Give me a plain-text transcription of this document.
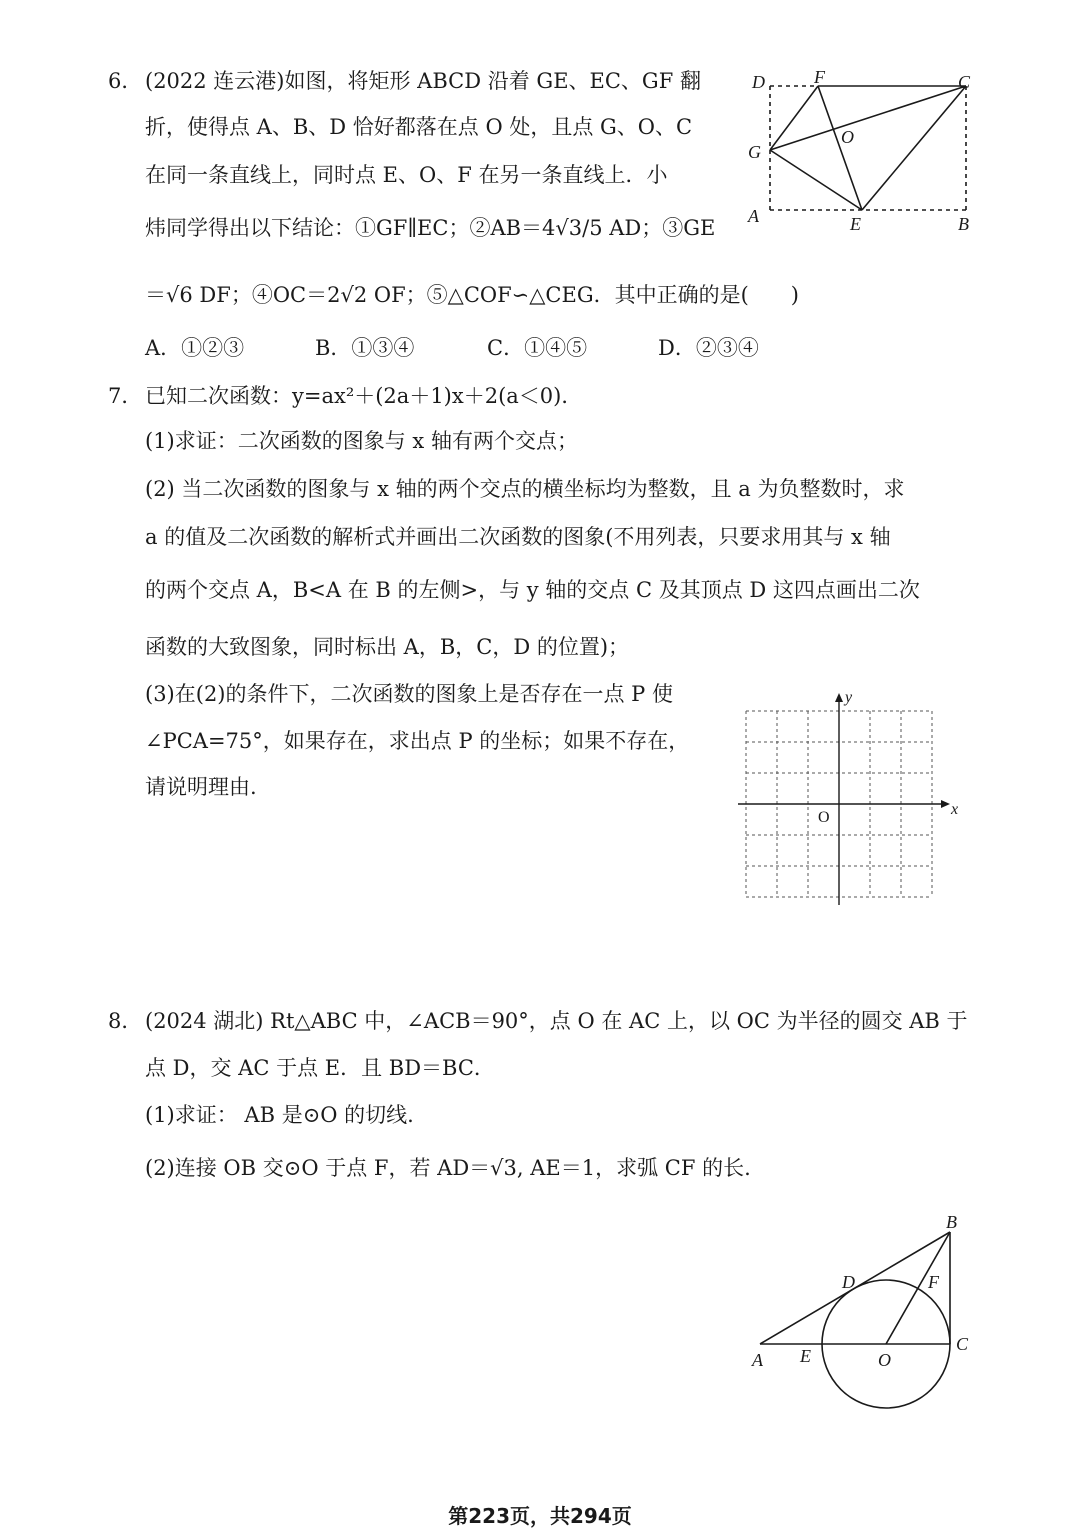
6． (2022 连云港)如图，将矩形 ABCD 沿着 GE、EC、GF 翻
折，使得点 A、B、D 恰好都落在点 O 处，且点 G、O、C
在同一条直线上，同时点 E、O、F 在另一条直线上．小
炜同学得出以下结论：①GF∥EC；②AB＝4√3/5 AD；③GE
＝√6 DF；④OC＝2√2 OF；⑤△COF∽△CEG．其中正确的是(　　)
A．①②③	B．①③④	C．①④⑤	D．②③④
D	F	C
G
O
A	E	B
7． 已知二次函数：y=ax²＋(2a＋1)x＋2(a＜0)．
(1)求证：二次函数的图象与 x 轴有两个交点；
(2) 当二次函数的图象与 x 轴的两个交点的横坐标均为整数，且 a 为负整数时，求
a 的值及二次函数的解析式并画出二次函数的图象(不用列表，只要求用其与 x 轴
的两个交点 A，B<A 在 B 的左侧>，与 y 轴的交点 C 及其顶点 D 这四点画出二次
函数的大致图象，同时标出 A，B，C，D 的位置)；
(3)在(2)的条件下，二次函数的图象上是否存在一点 P 使
∠PCA=75°，如果存在，求出点 P 的坐标；如果不存在，
请说明理由.
x
y
O
8． (2024 湖北) Rt△ABC 中，∠ACB＝90°，点 O 在 AC 上，以 OC 为半径的圆交 AB 于
点 D，交 AC 于点 E．且 BD＝BC．
(1)求证： AB 是⊙O 的切线.
(2)连接 OB 交⊙O 于点 F，若 AD＝√3, AE＝1，求弧 CF 的长.
B
D	F
A E	O
C
第223页，共294页
